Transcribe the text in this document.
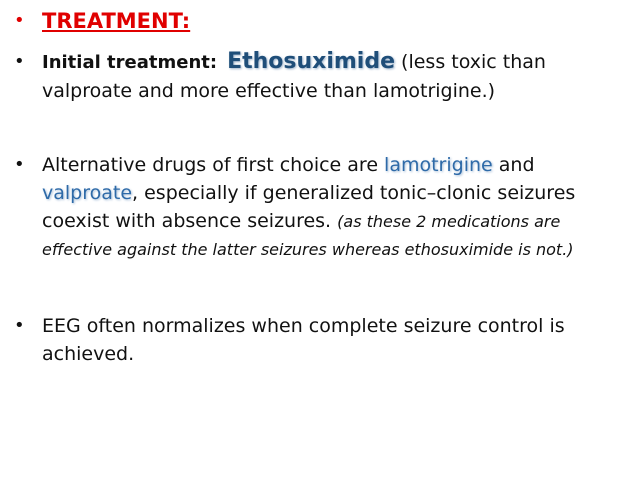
• TREATMENT:
• Initial treatment: Ethosuximide (less toxic than valproate and more effective than lamotrigine.)
• Alternative drugs of first choice are lamotrigine and valproate, especially if generalized tonic–clonic seizures coexist with absence seizures. (as these 2 medications are effective against the latter seizures whereas ethosuximide is not.)
• EEG often normalizes when complete seizure control is achieved.
